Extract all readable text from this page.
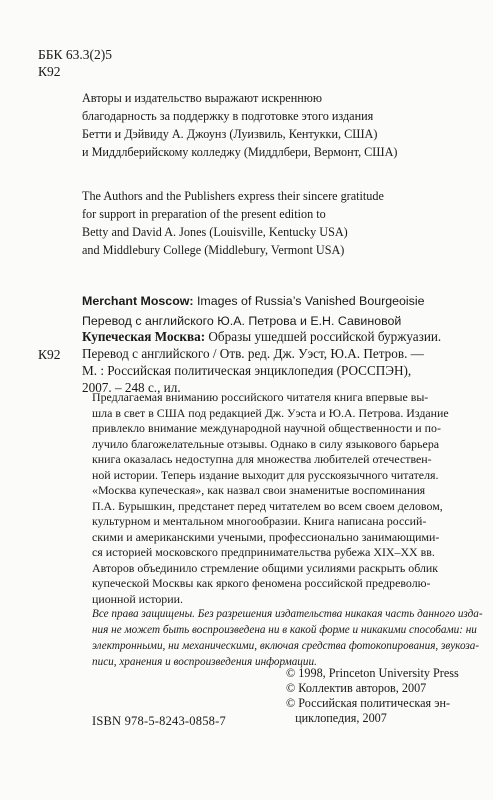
ББК 63.3(2)5
К92
Авторы и издательство выражают искреннюю
благодарность за поддержку в подготовке этого издания
Бетти и Дэйвиду А. Джоунз (Луизвиль, Кентукки, США)
и Миддлберийскому колледжу (Миддлбери, Вермонт, США)
The Authors and the Publishers express their sincere gratitude
for support in preparation of the present edition to
Betty and David A. Jones (Louisville, Kentucky USA)
and Middlebury College (Middlebury, Vermont USA)
Merchant Moscow: Images of Russia’s Vanished Bourgeoisie
Перевод с английского Ю.А. Петрова и Е.Н. Савиновой
К92
Купеческая Москва: Образы ушедшей российской буржуазии.
Перевод с английского / Отв. ред. Дж. Уэст, Ю.А. Петров. —
М. : Российская политическая энциклопедия (РОССПЭН),
2007. – 248 с., ил.
Предлагаемая вниманию российского читателя книга впервые вы-
шла в свет в США под редакцией Дж. Уэста и Ю.А. Петрова. Издание
привлекло внимание международной научной общественности и по-
лучило благожелательные отзывы. Однако в силу языкового барьера
книга оказалась недоступна для множества любителей отечествен-
ной истории. Теперь издание выходит для русскоязычного читателя.
«Москва купеческая», как назвал свои знаменитые воспоминания
П.А. Бурышкин, предстанет перед читателем во всем своем деловом,
культурном и ментальном многообразии. Книга написана россий-
скими и американскими учеными, профессионально занимающими-
ся историей московского предпринимательства рубежа XIX–XX вв.
Авторов объединило стремление общими усилиями раскрыть облик
купеческой Москвы как яркого феномена российской предреволю-
ционной истории.
Все права защищены. Без разрешения издательства никакая часть данного изда-
ния не может быть воспроизведена ни в какой форме и никакими способами: ни
электронными, ни механическими, включая средства фотокопирования, звукоза-
писи, хранения и воспроизведения информации.
© 1998, Princeton University Press
© Коллектив авторов, 2007
© Российская политическая эн-
циклопедия, 2007
ISBN 978-5-8243-0858-7
